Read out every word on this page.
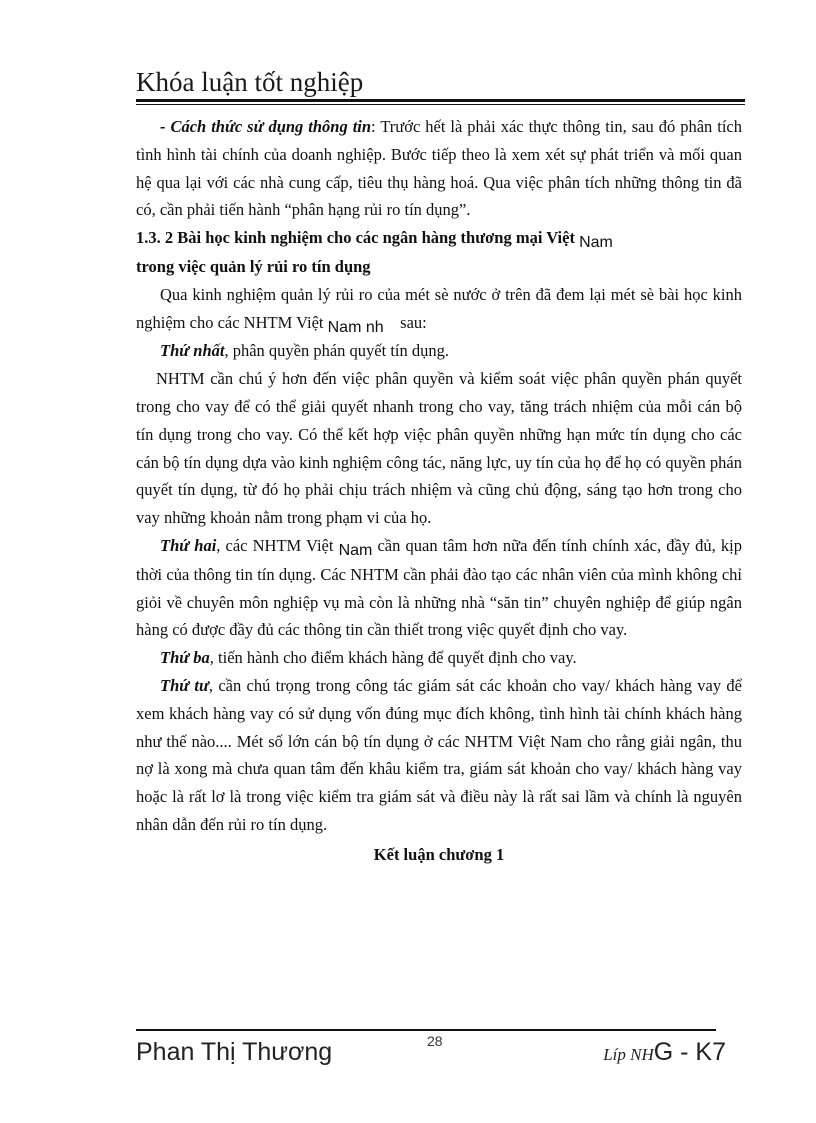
Khóa luận tốt nghiệp

- Cách thức sử dụng thông tin: Trước hết là phải xác thực thông tin, sau đó phân tích tình hình tài chính của doanh nghiệp. Bước tiếp theo là xem xét sự phát triển và mối quan hệ qua lại với các nhà cung cấp, tiêu thụ hàng hoá. Qua việc phân tích những thông tin đã có, cần phải tiến hành “phân hạng rủi ro tín dụng”.

1.3. 2 Bài học kinh nghiệm cho các ngân hàng thương mại Việt Nam
trong việc quản lý rủi ro tín dụng

Qua kinh nghiệm quản lý rủi ro của mét sè nước ở trên đã đem lại mét sè bài học kinh nghiệm cho các NHTM Việt Nam nh    sau:

Thứ nhất, phân quyền phán quyết tín dụng.

NHTM cần chú ý hơn đến việc phân quyền và kiểm soát việc phân quyền phán quyết trong cho vay để có thể giải quyết nhanh trong cho vay, tăng trách nhiệm của mỗi cán bộ tín dụng trong cho vay. Có thể kết hợp việc phân quyền những hạn mức tín dụng cho các cán bộ tín dụng dựa vào kinh nghiệm công tác, năng lực, uy tín của họ để họ có quyền phán quyết tín dụng, từ đó họ phải chịu trách nhiệm và cũng chủ động, sáng tạo hơn trong cho vay những khoản nằm trong phạm vi của họ.

Thứ hai, các NHTM Việt Nam cần quan tâm hơn nữa đến tính chính xác, đầy đủ, kịp thời của thông tin tín dụng. Các NHTM cần phải đào tạo các nhân viên của mình không chỉ giỏi về chuyên môn nghiệp vụ mà còn là những nhà “săn tin” chuyên nghiệp để giúp ngân hàng có được đầy đủ các thông tin cần thiết trong việc quyết định cho vay.

Thứ ba, tiến hành cho điểm khách hàng để quyết định cho vay.

Thứ tư, cần chú trọng trong công tác giám sát các khoản cho vay/ khách hàng vay để xem khách hàng vay có sử dụng vốn đúng mục đích không, tình hình tài chính khách hàng như thế nào.... Mét số lớn cán bộ tín dụng ở các NHTM Việt Nam cho rằng giải ngân, thu nợ là xong mà chưa quan tâm đến khâu kiểm tra, giám sát khoản cho vay/ khách hàng vay hoặc là rất lơ là trong việc kiểm tra giám sát và điều này là rất sai lầm và chính là nguyên nhân dẫn đến rủi ro tín dụng.

Kết luận chương 1

Phan Thị Thương	28
Líp NHG - K7
